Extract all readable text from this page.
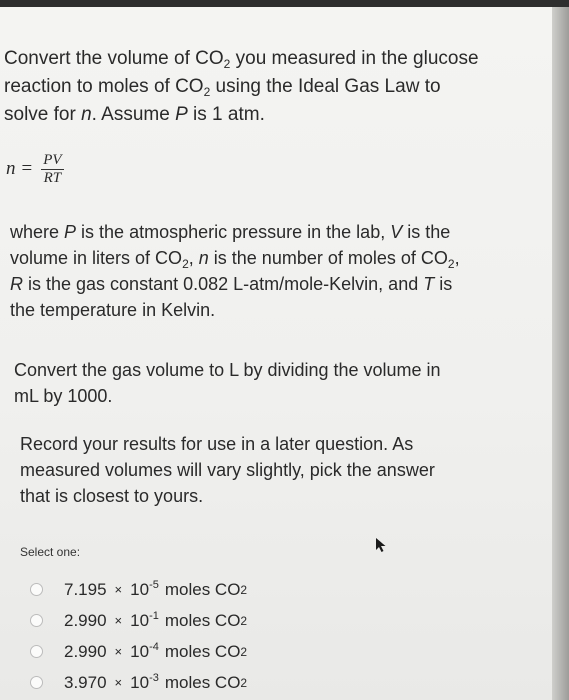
Convert the volume of $CO_2$ you measured in the glucose

reaction to moles of $CO_2$ using the Ideal Gas Law to

solve for n. Assume P is 1 atm.

$n = \frac{PV}{RT}$

where P is the atmospheric pressure in the lab, V is the

volume in liters of $CO_2$, n is the number of moles of $CO_2$,

R is the gas constant 0.082 L-atm/mole-Kelvin, and T is

the temperature in Kelvin.

Convert the gas volume to L by dividing the volume in

mL by 1000.

Record your results for use in a later question. As

measured volumes will vary slightly, pick the answer

that is closest to yours.

Select one:
$7.195 \times 10^{-5}$ moles CO 2
$2.990 \times 10^{-1}$ moles CO 2
$2.990 \times 10^{-4}$ moles CO 2
$3.970 \times 10^{-3}$ moles CO 2
